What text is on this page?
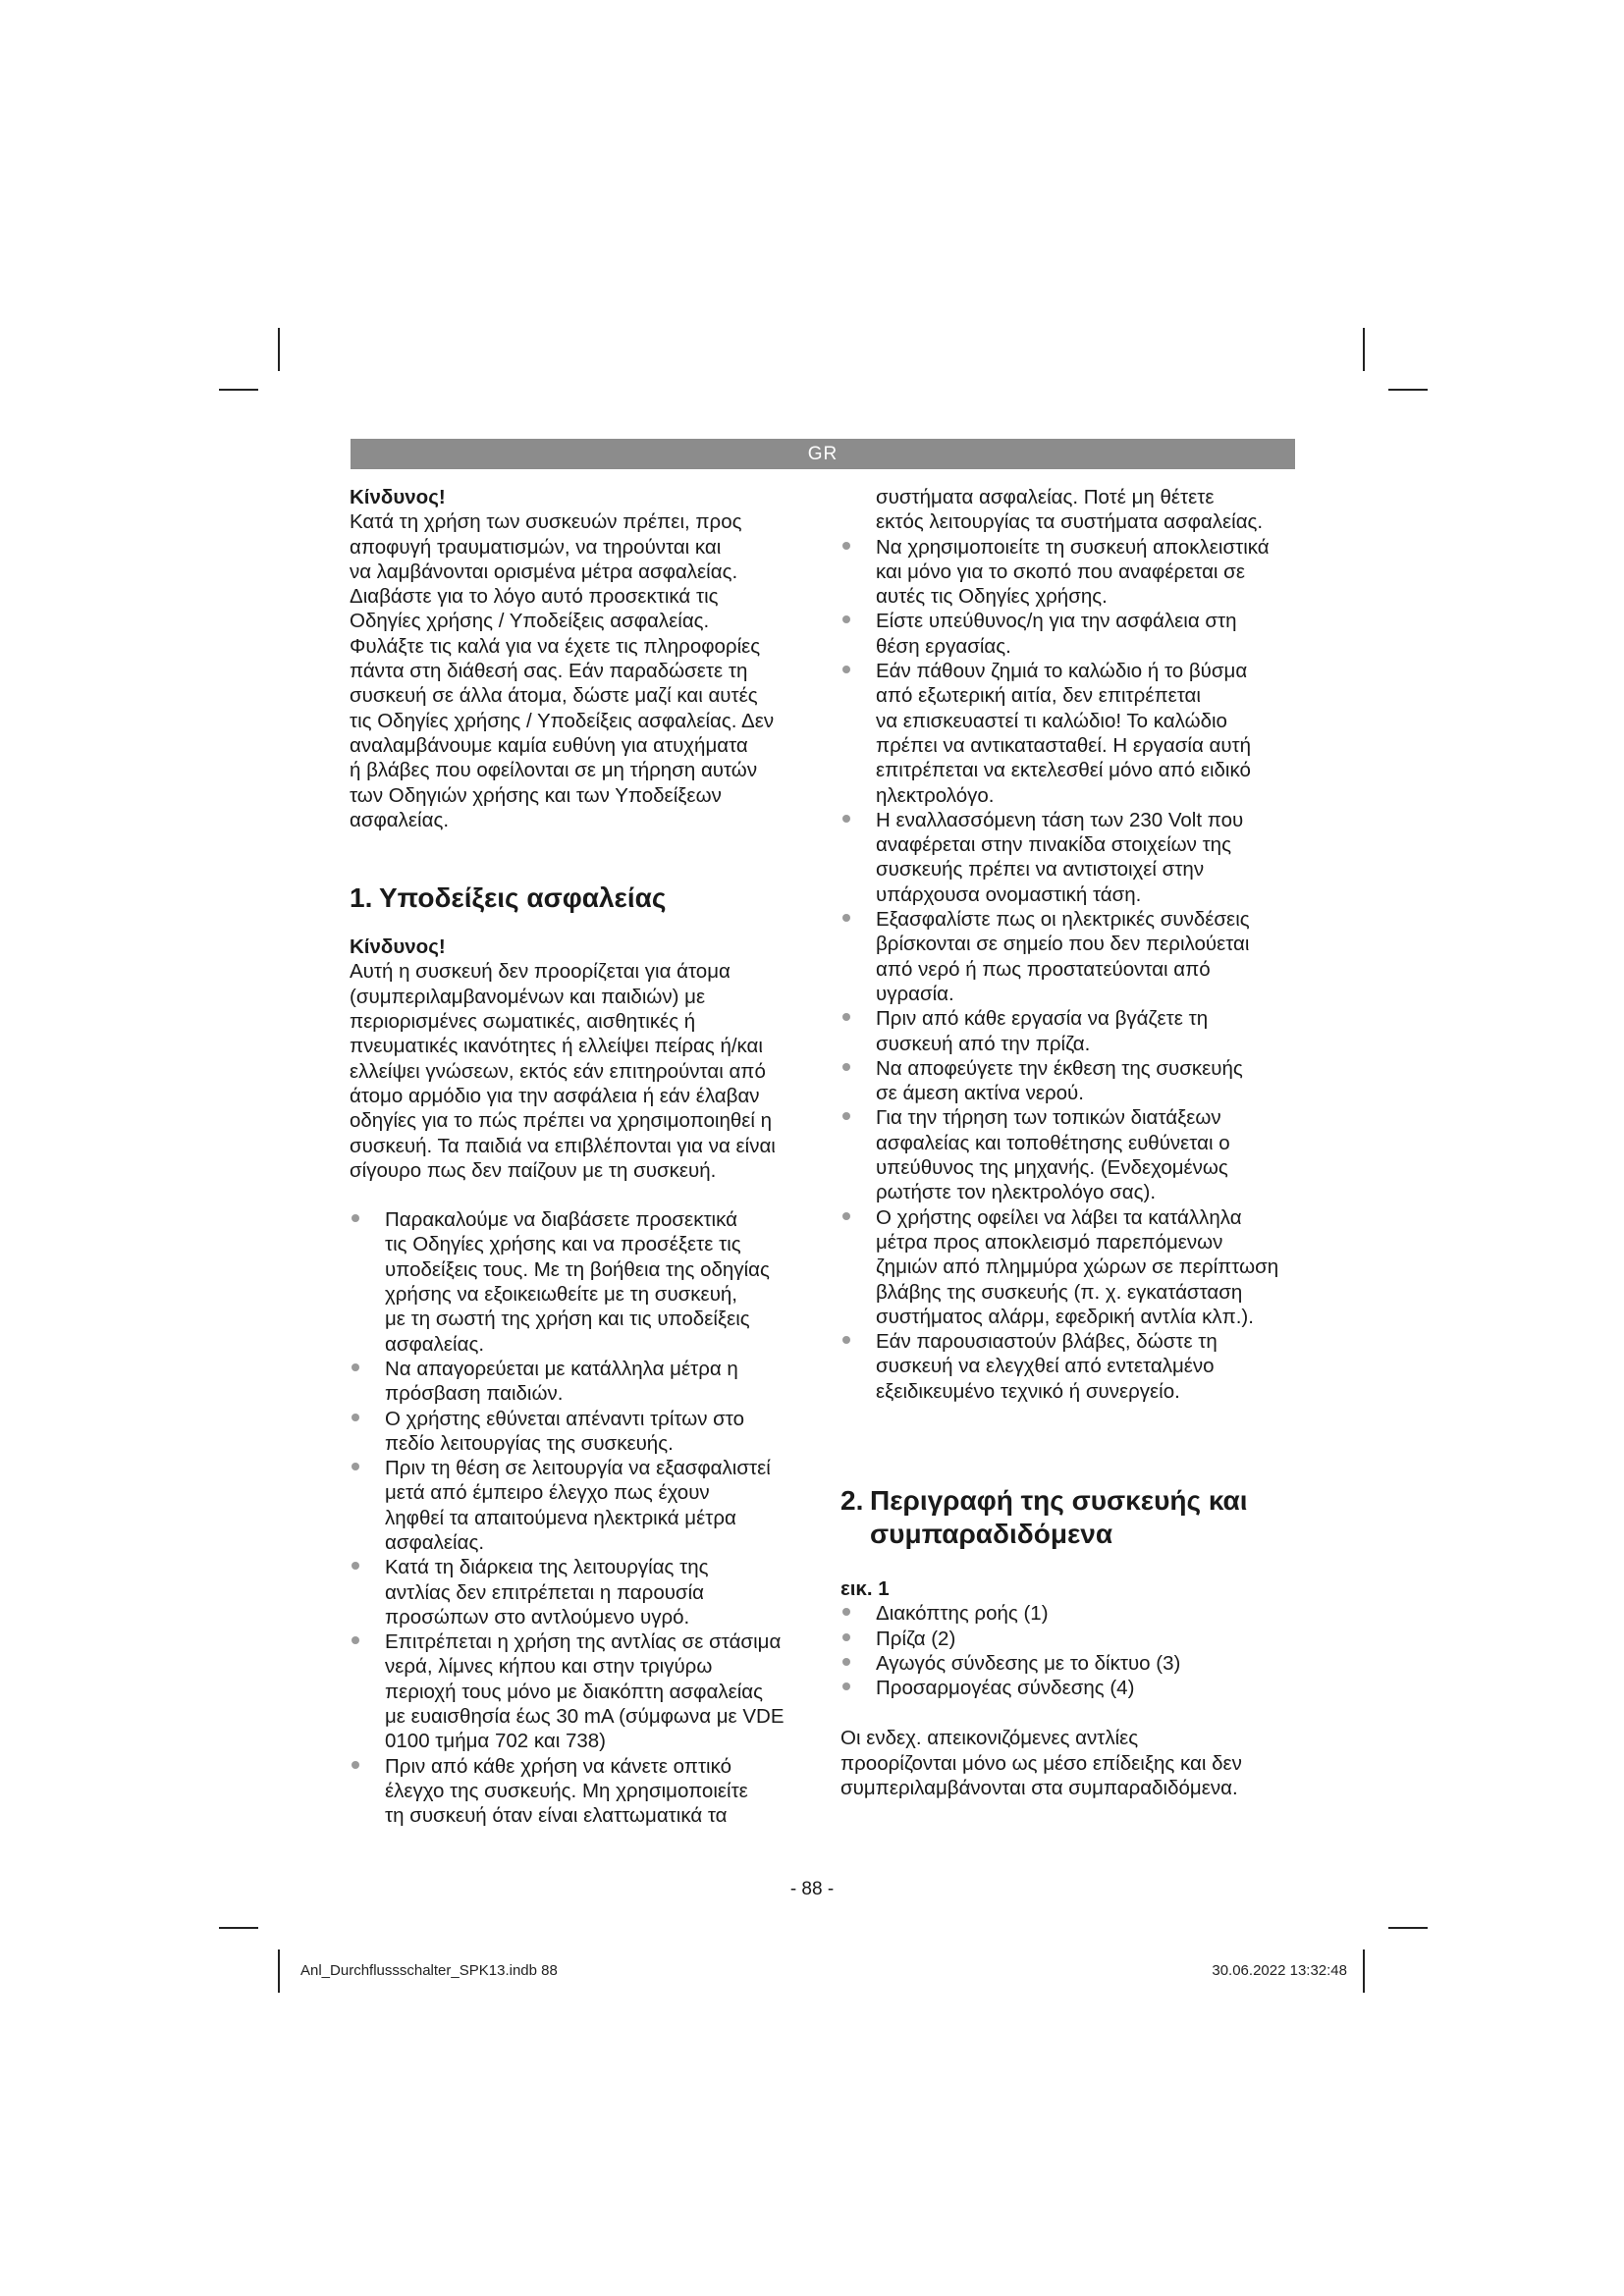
GR

Κίνδυνος!

Κατά τη χρήση των συσκευών πρέπει, προς

αποφυγή τραυματισμών, να τηρούνται και

να λαμβάνονται ορισμένα μέτρα ασφαλείας.

Διαβάστε για το λόγο αυτό προσεκτικά τις

Οδηγίες χρήσης / Υποδείξεις ασφαλείας.

Φυλάξτε τις καλά για να έχετε τις πληροφορίες

πάντα στη διάθεσή σας. Εάν παραδώσετε τη

συσκευή σε άλλα άτομα, δώστε μαζί και αυτές

τις Οδηγίες χρήσης / Υποδείξεις ασφαλείας. Δεν

αναλαμβάνουμε καμία ευθύνη για ατυχήματα

ή βλάβες που οφείλονται σε μη τήρηση αυτών

των Οδηγιών χρήσης και των Υποδείξεων

ασφαλείας.

1. Υποδείξεις ασφαλείας

Κίνδυνος!

Αυτή η συσκευή δεν προορίζεται για άτομα

(συμπεριλαμβανομένων και παιδιών) με

περιορισμένες σωματικές, αισθητικές ή

πνευματικές ικανότητες ή ελλείψει πείρας ή/και

ελλείψει γνώσεων, εκτός εάν επιτηρούνται από

άτομο αρμόδιο για την ασφάλεια ή εάν έλαβαν

οδηγίες για το πώς πρέπει να χρησιμοποιηθεί η

συσκευή. Τα παιδιά να επιβλέπονται για να είναι

σίγουρο πως δεν παίζουν με τη συσκευή.

Παρακαλούμε να διαβάσετε προσεκτικά

τις Οδηγίες χρήσης και να προσέξετε τις

υποδείξεις τους. Με τη βοήθεια της οδηγίας

χρήσης να εξοικειωθείτε με τη συσκευή,

με τη σωστή της χρήση και τις υποδείξεις

ασφαλείας.

Να απαγορεύεται με κατάλληλα μέτρα η

πρόσβαση παιδιών.

Ο χρήστης εθύνεται απέναντι τρίτων στο

πεδίο λειτουργίας της συσκευής.

Πριν τη θέση σε λειτουργία να εξασφαλιστεί

μετά από έμπειρο έλεγχο πως έχουν

ληφθεί τα απαιτούμενα ηλεκτρικά μέτρα

ασφαλείας.

Κατά τη διάρκεια της λειτουργίας της

αντλίας δεν επιτρέπεται η παρουσία

προσώπων στο αντλούμενο υγρό.

Επιτρέπεται η χρήση της αντλίας σε στάσιμα

νερά, λίμνες κήπου και στην τριγύρω

περιοχή τους μόνο με διακόπτη ασφαλείας

με ευαισθησία έως 30 mA (σύμφωνα με VDE

0100 τμήμα 702 και 738)

Πριν από κάθε χρήση να κάνετε οπτικό

έλεγχο της συσκευής. Μη χρησιμοποιείτε

τη συσκευή όταν είναι ελαττωματικά τα

συστήματα ασφαλείας. Ποτέ μη θέτετε

εκτός λειτουργίας τα συστήματα ασφαλείας.

Να χρησιμοποιείτε τη συσκευή αποκλειστικά

και μόνο για το σκοπό που αναφέρεται σε

αυτές τις Οδηγίες χρήσης.

Είστε υπεύθυνος/η για την ασφάλεια στη

θέση εργασίας.

Εάν πάθουν ζημιά το καλώδιο ή το βύσμα

από εξωτερική αιτία, δεν επιτρέπεται

να επισκευαστεί τι καλώδιο! Το καλώδιο

πρέπει να αντικατασταθεί. Η εργασία αυτή

επιτρέπεται να εκτελεσθεί μόνο από ειδικό

ηλεκτρολόγο.

Η εναλλασσόμενη τάση των 230 Volt που

αναφέρεται στην πινακίδα στοιχείων της

συσκευής πρέπει να αντιστοιχεί στην

υπάρχουσα ονομαστική τάση.

Εξασφαλίστε πως οι ηλεκτρικές συνδέσεις

βρίσκονται σε σημείο που δεν περιλούεται

από νερό ή πως προστατεύονται από

υγρασία.

Πριν από κάθε εργασία να βγάζετε τη

συσκευή από την πρίζα.

Να αποφεύγετε την έκθεση της συσκευής

σε άμεση ακτίνα νερού.

Για την τήρηση των τοπικών διατάξεων

ασφαλείας και τοποθέτησης ευθύνεται ο

υπεύθυνος της μηχανής. (Ενδεχομένως

ρωτήστε τον ηλεκτρολόγο σας).

Ο χρήστης οφείλει να λάβει τα κατάλληλα

μέτρα προς αποκλεισμό παρεπόμενων

ζημιών από πλημμύρα χώρων σε περίπτωση

βλάβης της συσκευής (π. χ. εγκατάσταση

συστήματος αλάρμ, εφεδρική αντλία κλπ.).

Εάν παρουσιαστούν βλάβες, δώστε τη

συσκευή να ελεγχθεί από εντεταλμένο

εξειδικευμένο τεχνικό ή συνεργείο.

2. Περιγραφή της συσκευής και

συμπαραδιδόμενα

εικ. 1

Διακόπτης ροής (1)

Πρίζα (2)

Αγωγός σύνδεσης με το δίκτυο (3)

Προσαρμογέας σύνδεσης (4)

Οι ενδεχ. απεικονιζόμενες αντλίες

προορίζονται μόνο ως μέσο επίδειξης και δεν

συμπεριλαμβάνονται στα συμπαραδιδόμενα.

- 88 -
Anl_Durchflussschalter_SPK13.indb 88	30.06.2022 13:32:48
